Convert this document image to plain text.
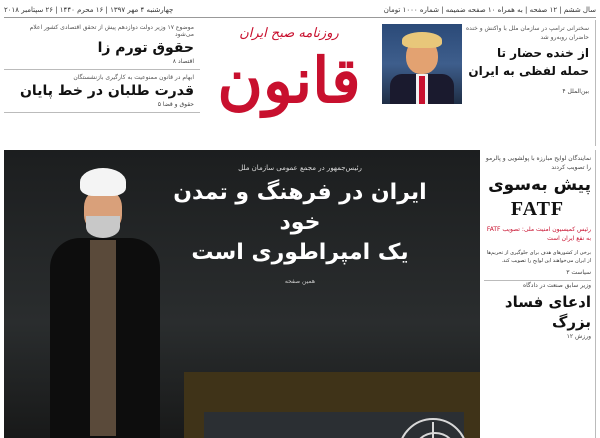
سال ششم | ۱۲ صفحه | به همراه ۱۰ صفحه ضمیمه | شماره ۱۰۰۰ تومان
چهارشنبه ۴ مهر ۱۳۹۷ | ۱۶ محرم ۱۴۴۰ | ۲۶ سپتامبر ۲۰۱۸
سخنرانی ترامپ در سازمان ملل با واکنش و خنده حاضران روبه‌رو شد
از خنده حضار تا حمله لفظی به ایران
بین‌الملل ۴
روزنامه صبح ایران
قانون
موضوع ۱۷ وزیر دولت دوازدهم پیش از تحقق اقتصادی کشور اعلام می‌شود
حقوق تورم زا
اقتصاد ۸
ابهام در قانون ممنوعیت به کارگیری بازنشستگان
قدرت طلبان در خط پایان
حقوق و قضا ۵
نمایندگان لوایح مبارزه با پولشویی و پالرمو را تصویب کردند
پیش به‌سوی
FATF
رئیس کمیسیون امنیت ملی: تصویب FATF به نفع ایران است
برخی از کشورهای هدف برای جلوگیری از تحریم‌ها از ایران می‌خواهند این لوایح را تصویب کند.
سیاست ۳
وزیر سابق صنعت در دادگاه
ادعای فساد بزرگ
ورزش ۱۲
رئیس‌جمهور در مجمع عمومی سازمان ملل
ایران در فرهنگ و تمدن خود
یک امپراطوری است
همین صفحه
